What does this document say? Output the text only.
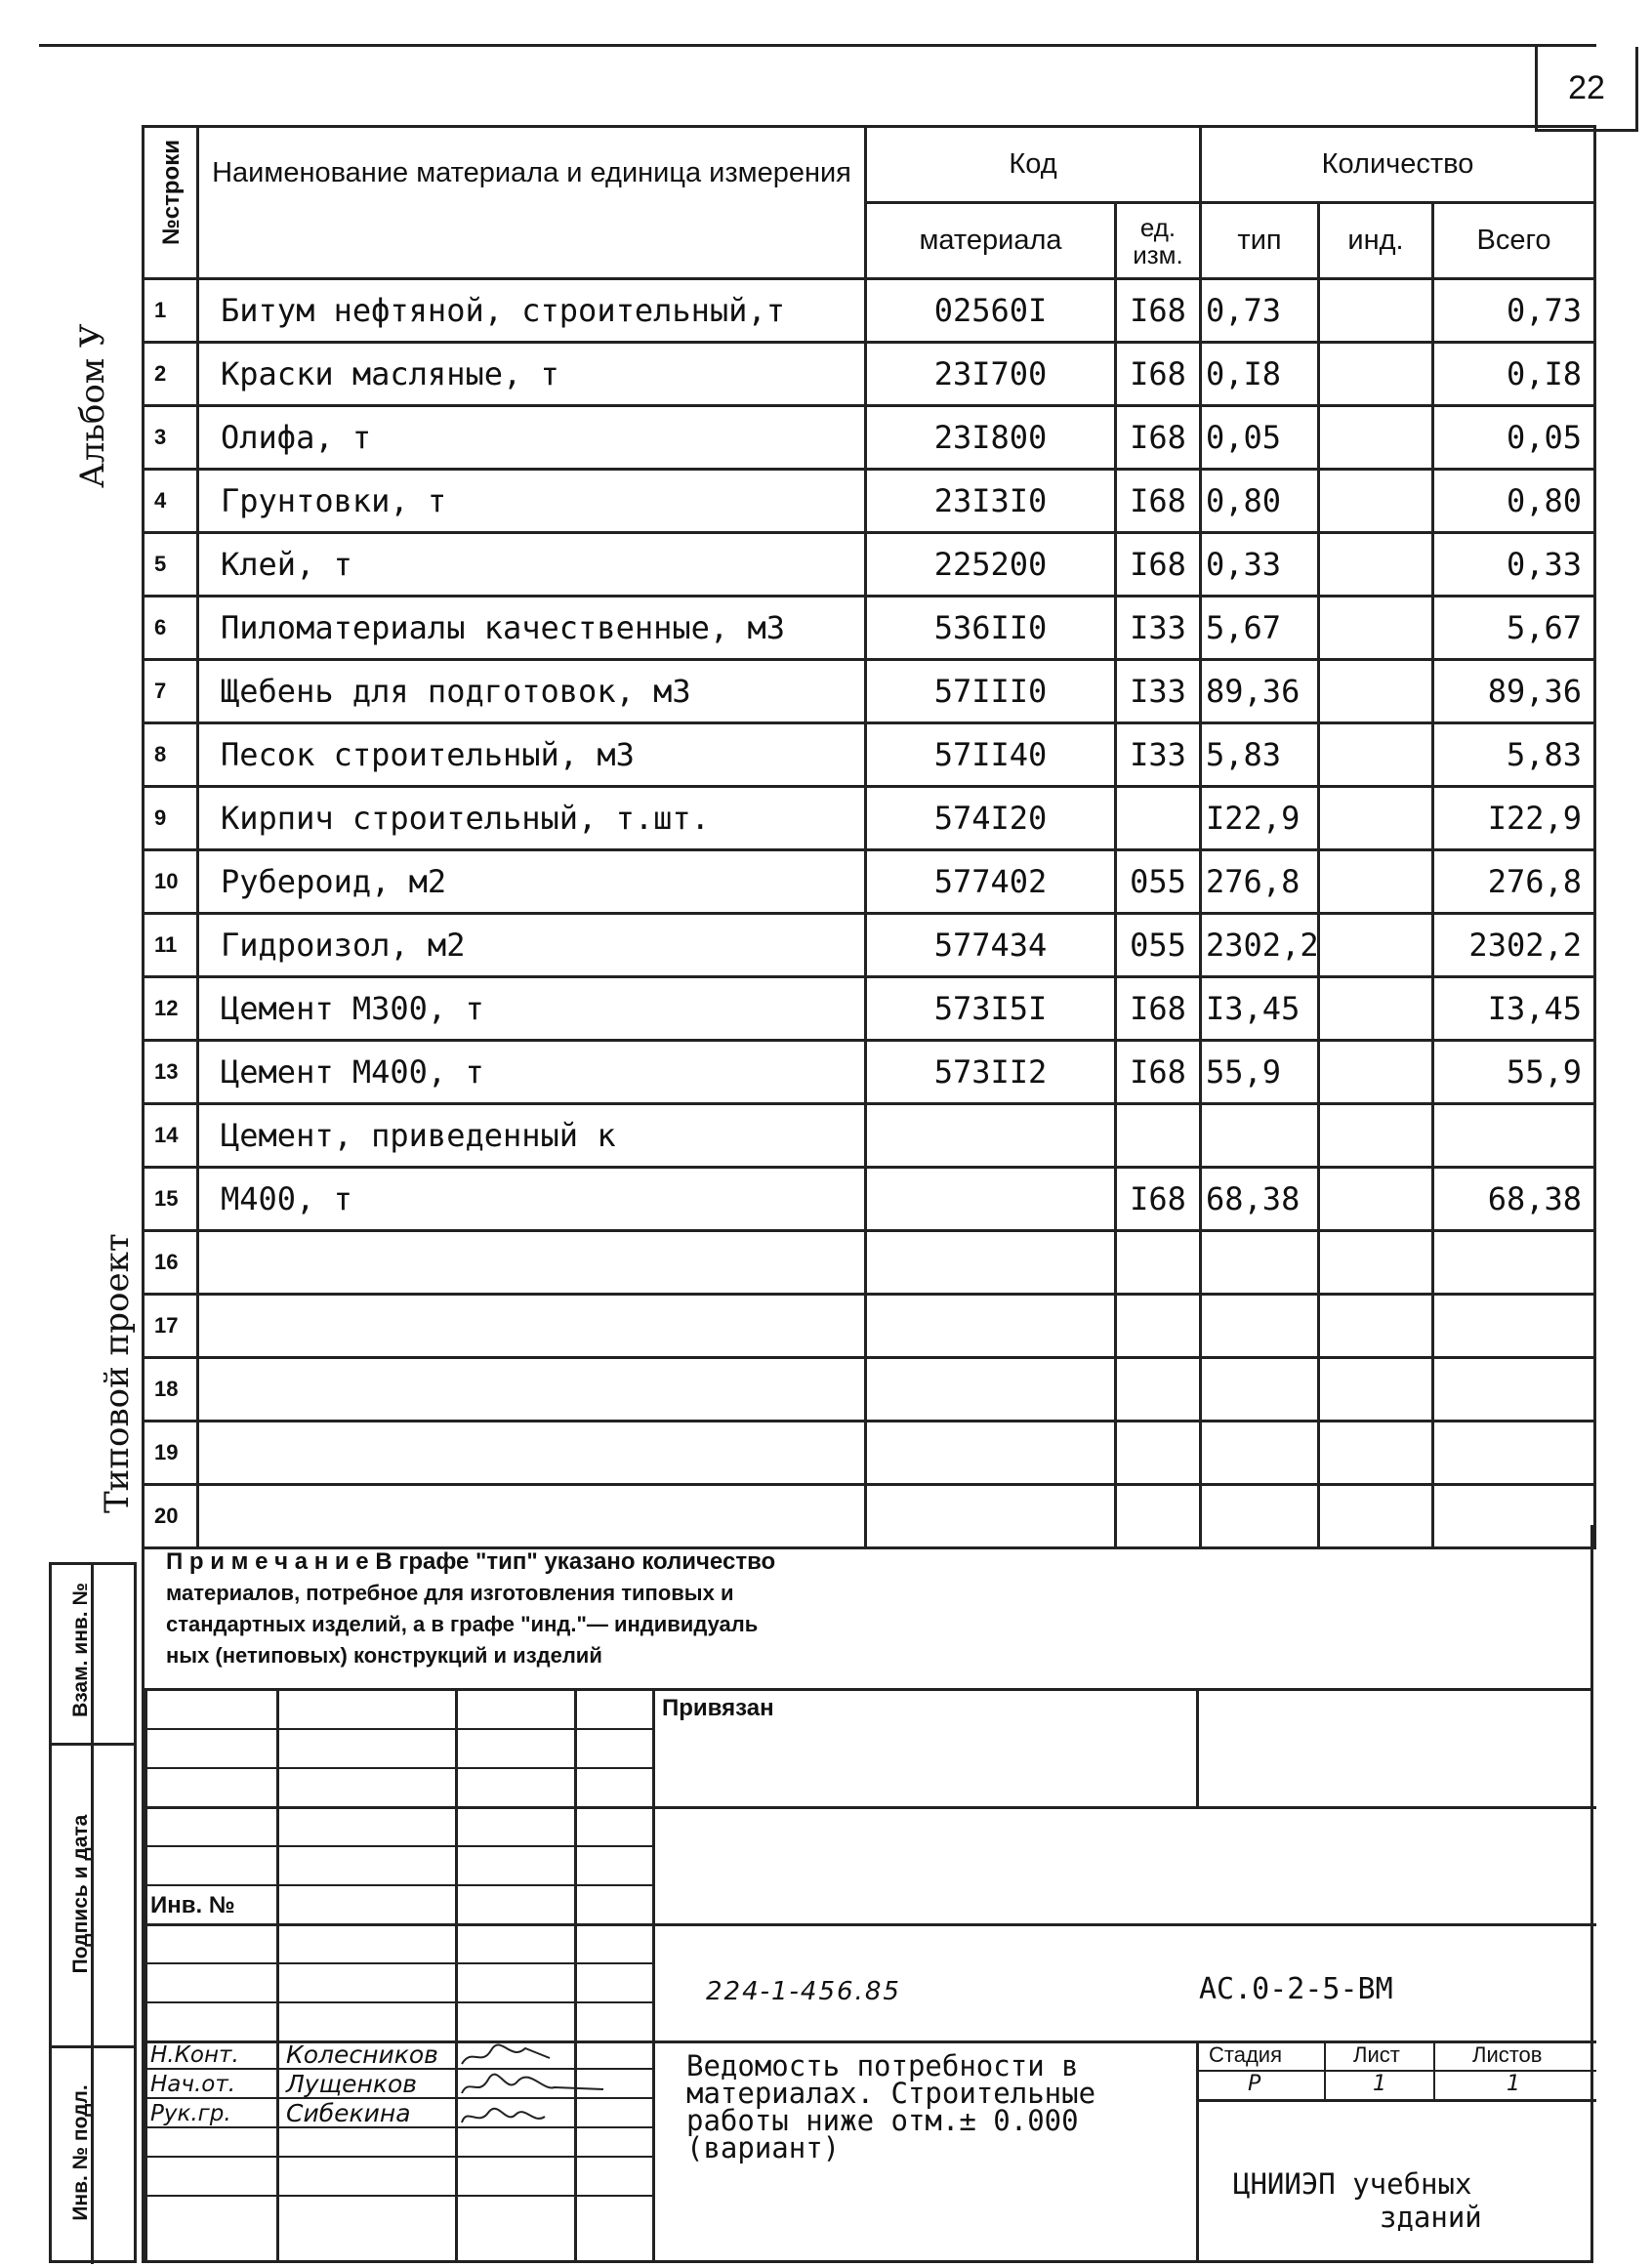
22
Альбом У
Типовой проект
№строки	Наименование материала и единица измерения	Код		Количество		
		материала	ед. изм.	тип	инд.	Всего
1	Битум нефтяной, строительный,т	02560I	I68	0,73		0,73
2	Краски масляные, т	23I700	I68	0,I8		0,I8
3	Олифа, т	23I800	I68	0,05		0,05
4	Грунтовки, т	23I3I0	I68	0,80		0,80
5	Клей, т	225200	I68	0,33		0,33
6	Пиломатериалы качественные, м3	536II0	I33	5,67		5,67
7	Щебень для подготовок, м3	57III0	I33	89,36		89,36
8	Песок строительный, м3	57II40	I33	5,83		5,83
9	Кирпич строительный, т.шт.	574I20		I22,9		I22,9
10	Рубероид, м2	577402	055	276,8		276,8
11	Гидроизол, м2	577434	055	2302,2		2302,2
12	Цемент М300, т	573I5I	I68	I3,45		I3,45
13	Цемент М400, т	573II2	I68	55,9		55,9
14	Цемент, приведенный к					
15	М400, т		I68	68,38		68,38
16						
17						
18						
19						
20						
П р и м е ч а н и е В графе "тип" указано количество
материалов, потребное для изготовления типовых и
стандартных изделий, а в графе "инд."— индивидуаль
ных (нетиповых) конструкций и изделий
Взам. инв. №
Подпись и дата
Инв. № подл.
Привязан
Инв. №
224-1-456.85	АС.0-2-5-ВМ
Н.Конт. Колесников
Нач.от. Лущенков
Рук.гр. Сибекина
Ведомость потребности в
материалах. Строительные
работы ниже отм.± 0.000
(вариант)
Стадия	Лист	Листов
Р	1	1
ЦНИИЭП учебных
зданий
